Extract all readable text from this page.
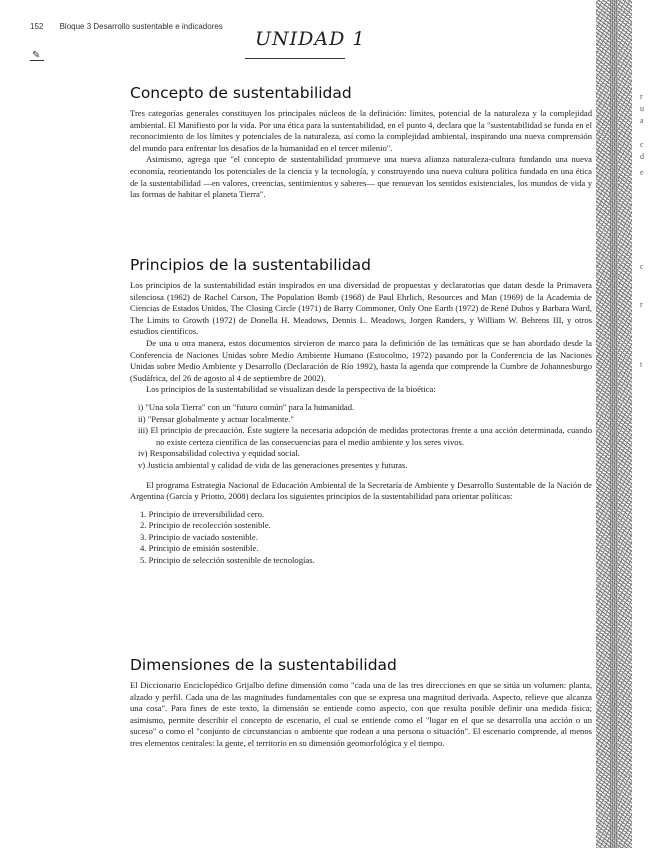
152 Bloque 3 Desarrollo sustentable e indicadores
UNIDAD 1
✎
Concepto de sustentabilidad

Tres categorías generales constituyen los principales núcleos de la definición: límites, potencial de la naturaleza y la complejidad ambiental. El Manifiesto por la vida. Por una ética para la sustentabilidad, en el punto 4, declara que la "sustentabilidad se funda en el reconocimiento de los límites y potenciales de la naturaleza, así como la complejidad ambiental, inspirando una nueva comprensión del mundo para enfrentar los desafíos de la humanidad en el tercer milenio".

Asimismo, agrega que "el concepto de sustentabilidad promueve una nueva alianza naturaleza-cultura fundando una nueva economía, reorientando los potenciales de la ciencia y la tecnología, y construyendo una nueva cultura política fundada en una ética de la sustentabilidad —en valores, creencias, sentimientos y saberes— que renuevan los sentidos existenciales, los mundos de vida y las formas de habitar el planeta Tierra".

Principios de la sustentabilidad

Los principios de la sustentabilidad están inspirados en una diversidad de propuestas y declaratorias que datan desde la Primavera silenciosa (1962) de Rachel Carson, The Population Bomb (1968) de Paul Ehrlich, Resources and Man (1969) de la Academia de Ciencias de Estados Unidos, The Closing Circle (1971) de Barry Commoner, Only One Earth (1972) de René Dubos y Barbara Ward, The Limits to Growth (1972) de Donella H. Meadows, Dennis L. Meadows, Jorgen Randers, y William W. Behrens III, y otros estudios científicos.

De una u otra manera, estos documentos sirvieron de marco para la definición de las temáticas que se han abordado desde la Conferencia de Naciones Unidas sobre Medio Ambiente Humano (Estocolmo, 1972) pasando por la Conferencia de las Naciones Unidas sobre Medio Ambiente y Desarrollo (Declaración de Río 1992), hasta la agenda que comprende la Cumbre de Johannesburgo (Sudáfrica, del 26 de agosto al 4 de septiembre de 2002).

Los principios de la sustentabilidad se visualizan desde la perspectiva de la bioética:

i) "Una sola Tierra" con un "futuro común" para la humanidad.
ii) "Pensar globalmente y actuar localmente."
iii) El principio de precaución. Éste sugiere la necesaria adopción de medidas protectoras frente a una acción determinada, cuando no existe certeza científica de las consecuencias para el medio ambiente y los seres vivos.
iv) Responsabilidad colectiva y equidad social.
v) Justicia ambiental y calidad de vida de las generaciones presentes y futuras.

El programa Estrategia Nacional de Educación Ambiental de la Secretaría de Ambiente y Desarrollo Sustentable de la Nación de Argentina (García y Priotto, 2008) declara los siguientes principios de la sustentabilidad para orientar políticas:

1. Principio de irreversibilidad cero.
2. Principio de recolección sostenible.
3. Principio de vaciado sostenible.
4. Principio de emisión sostenible.
5. Principio de selección sostenible de tecnologías.
Dimensiones de la sustentabilidad

El Diccionario Enciclopédico Grijalbo define dimensión como "cada una de las tres direcciones en que se sitúa un volumen: planta, alzado y perfil. Cada una de las magnitudes fundamentales con que se expresa una magnitud derivada. Aspecto, relieve que alcanza una cosa". Para fines de este texto, la dimensión se entiende como aspecto, con que resulta posible definir una medida física; asimismo, permite describir el concepto de escenario, el cual se entiende como el "lugar en el que se desarrolla una acción o un suceso" o como el "conjunto de circunstancias o ambiente que rodean a una persona o situación". El escenario comprende, al menos tres elementos centrales: la gente, el territorio en su dimensión geomorfológica y el tiempo.

r
u
a
c
d
e
c
r
t
